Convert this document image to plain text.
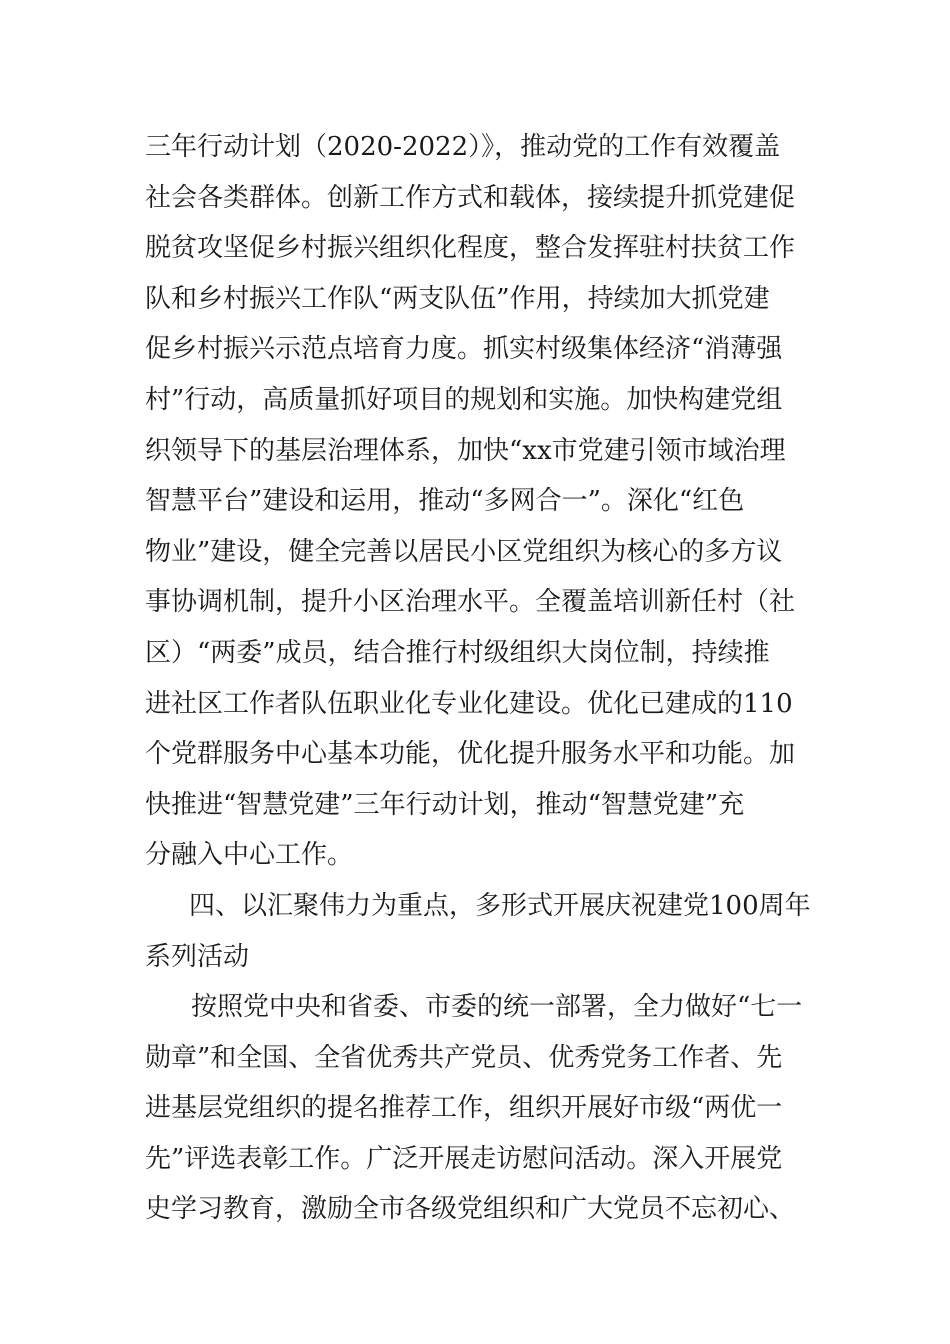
三年行动计划（2020-2022）》，推动党的工作有效覆盖
社会各类群体。创新工作方式和载体，接续提升抓党建促
脱贫攻坚促乡村振兴组织化程度，整合发挥驻村扶贫工作
队和乡村振兴工作队“两支队伍”作用，持续加大抓党建
促乡村振兴示范点培育力度。抓实村级集体经济“消薄强
村”行动，高质量抓好项目的规划和实施。加快构建党组
织领导下的基层治理体系，加快“xx市党建引领市域治理
智慧平台”建设和运用，推动“多网合一”。深化“红色
物业”建设，健全完善以居民小区党组织为核心的多方议
事协调机制，提升小区治理水平。全覆盖培训新任村（社
区）“两委”成员，结合推行村级组织大岗位制，持续推
进社区工作者队伍职业化专业化建设。优化已建成的110
个党群服务中心基本功能，优化提升服务水平和功能。加
快推进“智慧党建”三年行动计划，推动“智慧党建”充
分融入中心工作。
四、以汇聚伟力为重点，多形式开展庆祝建党100周年
系列活动
按照党中央和省委、市委的统一部署，全力做好“七一
勋章”和全国、全省优秀共产党员、优秀党务工作者、先
进基层党组织的提名推荐工作，组织开展好市级“两优一
先”评选表彰工作。广泛开展走访慰问活动。深入开展党
史学习教育，激励全市各级党组织和广大党员不忘初心、
